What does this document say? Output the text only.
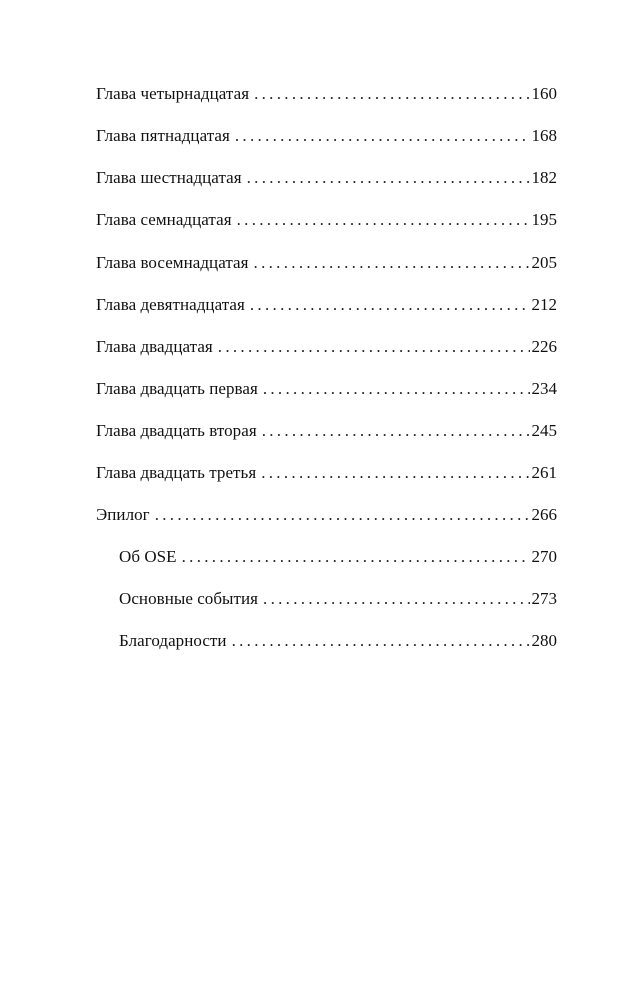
Глава четырнадцатая .....	160
Глава пятнадцатая .....	168
Глава шестнадцатая .....	182
Глава семнадцатая .....	195
Глава восемнадцатая .....	205
Глава девятнадцатая .....	212
Глава двадцатая .....	226
Глава двадцать первая .....	234
Глава двадцать вторая .....	245
Глава двадцать третья .....	261
Эпилог .....	266
Об OSE .....	270
Основные события .....	273
Благодарности .....	280
